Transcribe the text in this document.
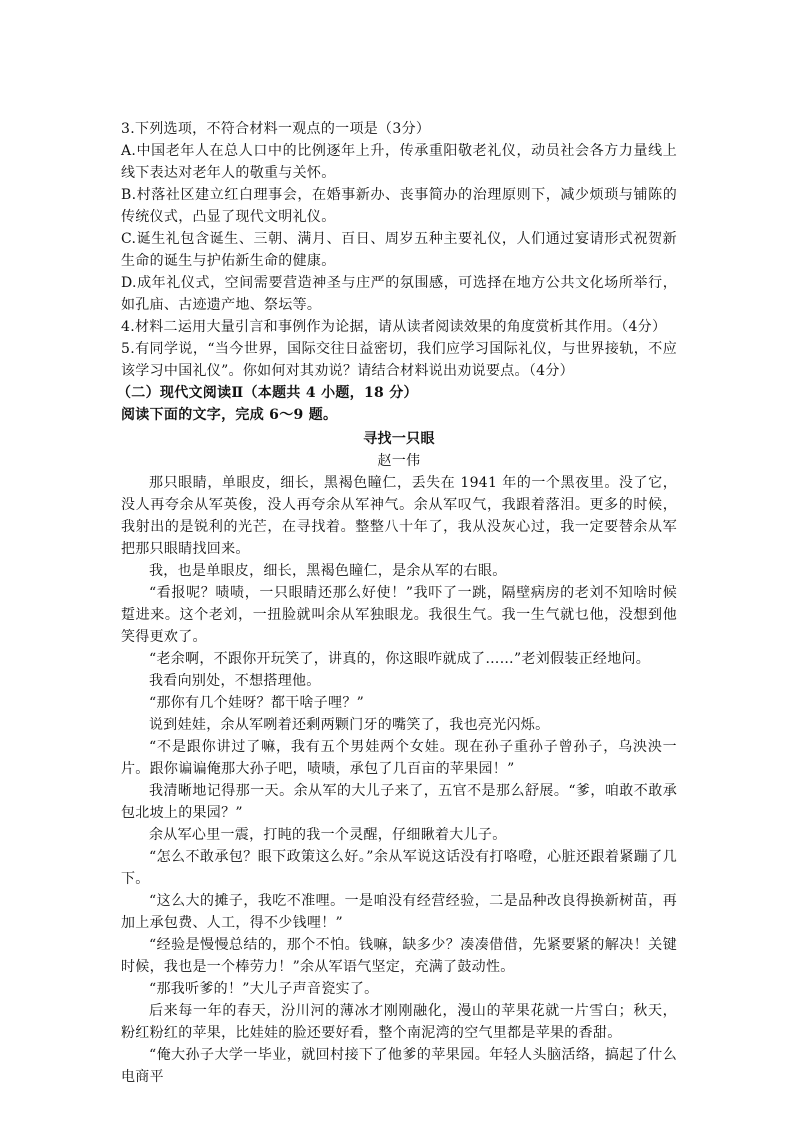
3.下列选项，不符合材料一观点的一项是（3分）

A.中国老年人在总人口中的比例逐年上升，传承重阳敬老礼仪，动员社会各方力量线上线下表达对老年人的敬重与关怀。

B.村落社区建立红白理事会，在婚事新办、丧事简办的治理原则下，减少烦琐与铺陈的传统仪式，凸显了现代文明礼仪。

C.诞生礼包含诞生、三朝、满月、百日、周岁五种主要礼仪，人们通过宴请形式祝贺新生命的诞生与护佑新生命的健康。

D.成年礼仪式，空间需要营造神圣与庄严的氛围感，可选择在地方公共文化场所举行，如孔庙、古迹遗产地、祭坛等。

4.材料二运用大量引言和事例作为论据，请从读者阅读效果的角度赏析其作用。（4分）

5.有同学说，“当今世界，国际交往日益密切，我们应学习国际礼仪，与世界接轨，不应该学习中国礼仪”。你如何对其劝说？请结合材料说出劝说要点。（4分）

（二）现代文阅读Ⅱ（本题共 4 小题，18 分）

阅读下面的文字，完成 6～9 题。

寻找一只眼

赵一伟

那只眼睛，单眼皮，细长，黑褐色瞳仁，丢失在 1941 年的一个黑夜里。没了它，没人再夸余从军英俊，没人再夸余从军神气。余从军叹气，我跟着落泪。更多的时候，我射出的是锐利的光芒，在寻找着。整整八十年了，我从没灰心过，我一定要替余从军把那只眼睛找回来。

我，也是单眼皮，细长，黑褐色瞳仁，是余从军的右眼。

“看报呢？啧啧，一只眼睛还那么好使！”我吓了一跳，隔壁病房的老刘不知啥时候踅进来。这个老刘，一扭脸就叫余从军独眼龙。我很生气。我一生气就乜他，没想到他笑得更欢了。

“老余啊，不跟你开玩笑了，讲真的，你这眼咋就成了……”老刘假装正经地问。

我看向别处，不想搭理他。

“那你有几个娃呀？都干啥子哩？”

说到娃娃，余从军咧着还剩两颗门牙的嘴笑了，我也亮光闪烁。

“不是跟你讲过了嘛，我有五个男娃两个女娃。现在孙子重孙子曾孙子，乌泱泱一片。跟你谝谝俺那大孙子吧，啧啧，承包了几百亩的苹果园！”

我清晰地记得那一天。余从军的大儿子来了，五官不是那么舒展。“爹，咱敢不敢承包北坡上的果园？”

余从军心里一震，打盹的我一个灵醒，仔细瞅着大儿子。

“怎么不敢承包？眼下政策这么好。”余从军说这话没有打咯噔，心脏还跟着紧蹦了几下。

“这么大的摊子，我吃不准哩。一是咱没有经营经验，二是品种改良得换新树苗，再加上承包费、人工，得不少钱哩！”

“经验是慢慢总结的，那个不怕。钱嘛，缺多少？凑凑借借，先紧要紧的解决！关键时候，我也是一个棒劳力！”余从军语气坚定，充满了鼓动性。

“那我听爹的！”大儿子声音瓷实了。

后来每一年的春天，汾川河的薄冰才刚刚融化，漫山的苹果花就一片雪白；秋天，粉红粉红的苹果，比娃娃的脸还要好看，整个南泥湾的空气里都是苹果的香甜。

“俺大孙子大学一毕业，就回村接下了他爹的苹果园。年轻人头脑活络，搞起了什么电商平
